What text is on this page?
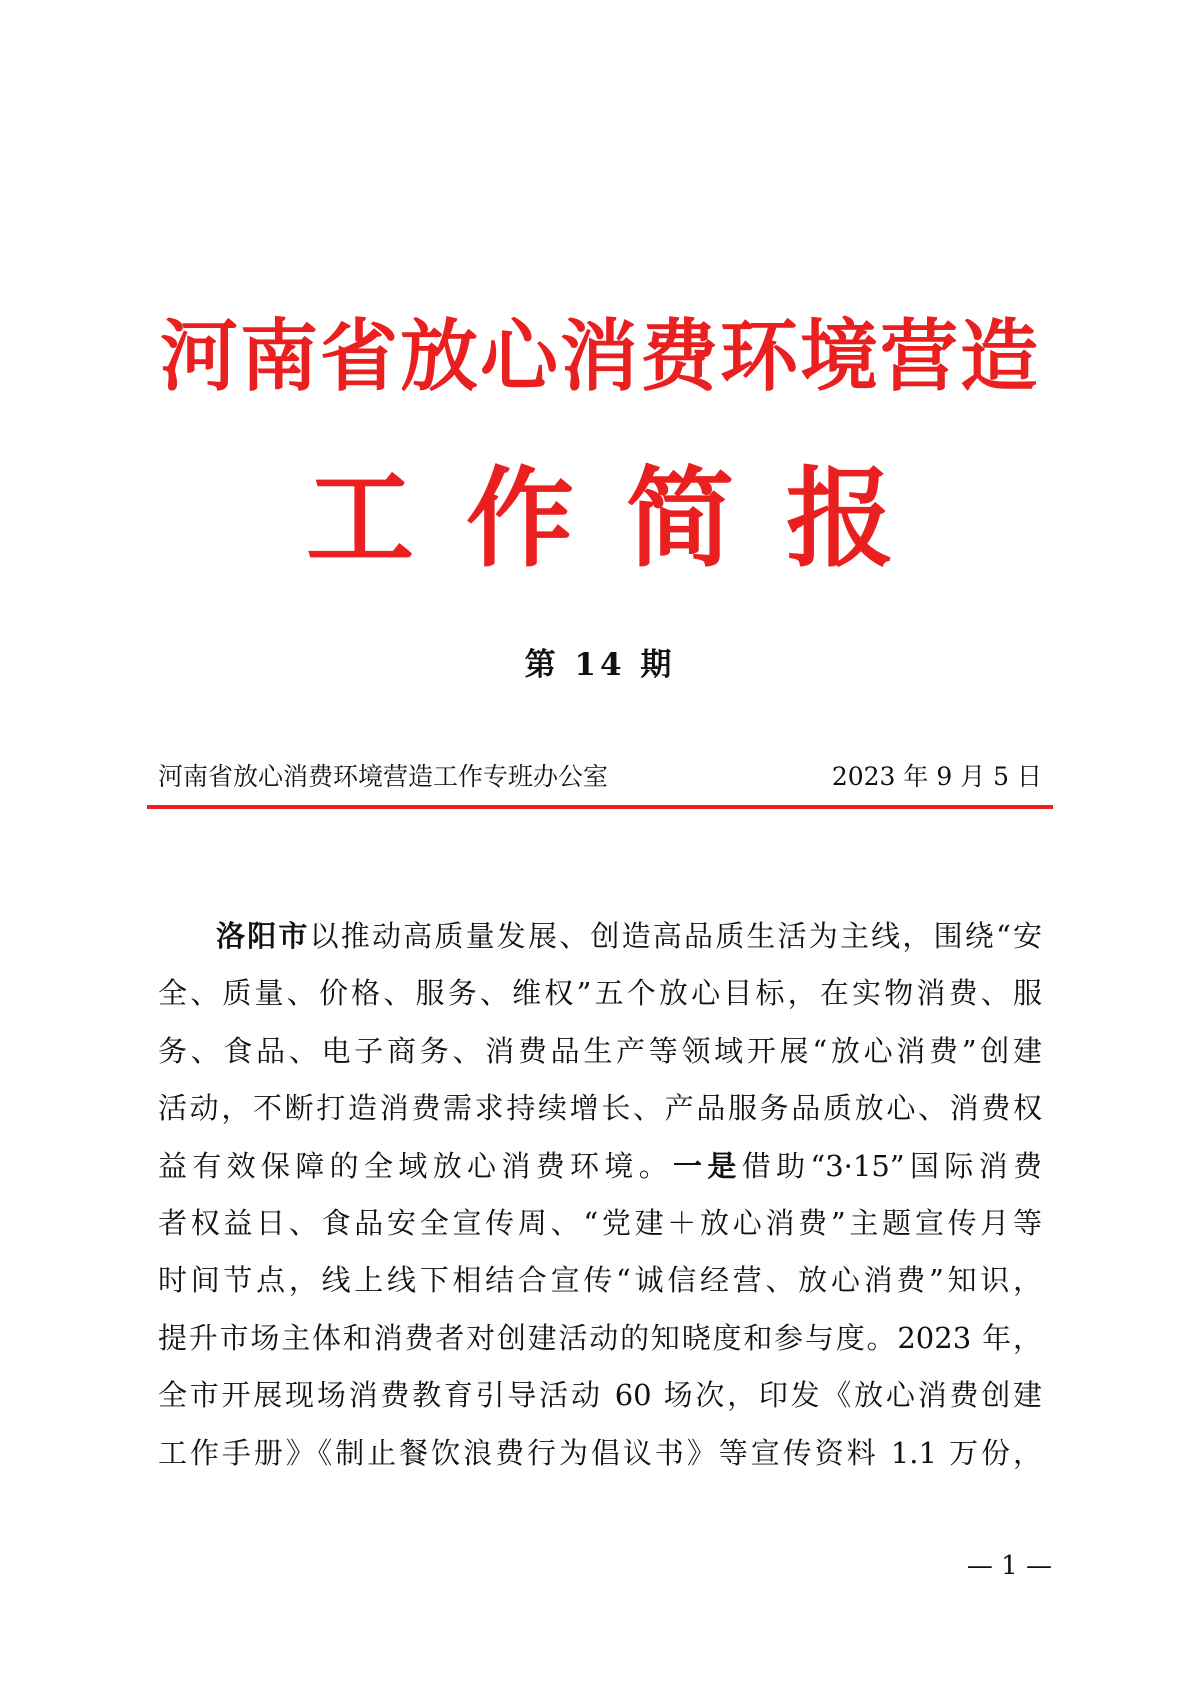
河南省放心消费环境营造
工作简报
第 14 期
河南省放心消费环境营造工作专班办公室	2023 年 9 月 5 日
洛阳市以推动高质量发展、创造高品质生活为主线，围绕“安
全、质量、价格、服务、维权”五个放心目标，在实物消费、服
务、食品、电子商务、消费品生产等领域开展“放心消费”创建
活动，不断打造消费需求持续增长、产品服务品质放心、消费权
益有效保障的全域放心消费环境。一是借助“3·15”国际消费
者权益日、食品安全宣传周、“党建＋放心消费”主题宣传月等
时间节点，线上线下相结合宣传“诚信经营、放心消费”知识，
提升市场主体和消费者对创建活动的知晓度和参与度。2023 年，
全市开展现场消费教育引导活动 60 场次，印发《放心消费创建
工作手册》《制止餐饮浪费行为倡议书》等宣传资料 1.1 万份，
— 1 —
